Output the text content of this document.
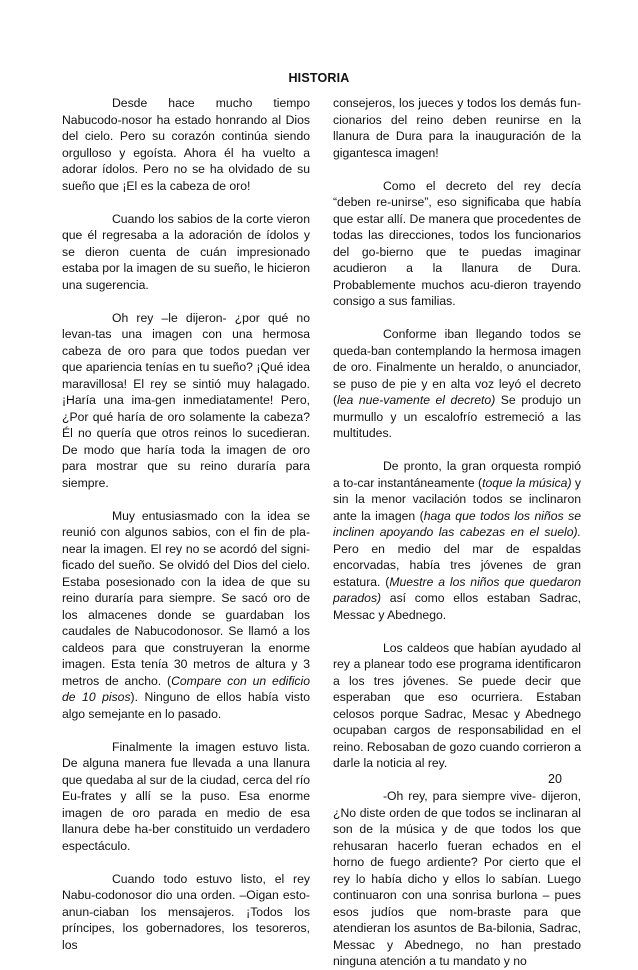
HISTORIA

Desde hace mucho tiempo Nabucodo-nosor ha estado honrando al Dios del cielo. Pero su corazón continúa siendo orgulloso y egoísta. Ahora él ha vuelto a adorar ídolos. Pero no se ha olvidado de su sueño que ¡El es la cabeza de oro!

Cuando los sabios de la corte vieron que él regresaba a la adoración de ídolos y se dieron cuenta de cuán impresionado estaba por la imagen de su sueño, le hicieron una sugerencia.

Oh rey –le dijeron- ¿por qué no levan-tas una imagen con una hermosa cabeza de oro para que todos puedan ver que apariencia tenías en tu sueño? ¡Qué idea maravillosa! El rey se sintió muy halagado. ¡Haría una ima-gen inmediatamente! Pero, ¿Por qué haría de oro solamente la cabeza? Él no quería que otros reinos lo sucedieran. De modo que haría toda la imagen de oro para mostrar que su reino duraría para siempre.

Muy entusiasmado con la idea se reunió con algunos sabios, con el fin de pla-near la imagen. El rey no se acordó del signi-ficado del sueño. Se olvidó del Dios del cielo. Estaba posesionado con la idea de que su reino duraría para siempre. Se sacó oro de los almacenes donde se guardaban los caudales de Nabucodonosor. Se llamó a los caldeos para que construyeran la enorme imagen. Esta tenía 30 metros de altura y 3 metros de ancho. (Compare con un edificio de 10 pisos). Ninguno de ellos había visto algo semejante en lo pasado.

Finalmente la imagen estuvo lista. De alguna manera fue llevada a una llanura que quedaba al sur de la ciudad, cerca del río Eu-frates y allí se la puso. Esa enorme imagen de oro parada en medio de esa llanura debe ha-ber constituido un verdadero espectáculo.

Cuando todo estuvo listo, el rey Nabu-codonosor dio una orden. –Oigan esto- anun-ciaban los mensajeros. ¡Todos los príncipes, los gobernadores, los tesoreros, los

consejeros, los jueces y todos los demás fun-cionarios del reino deben reunirse en la llanura de Dura para la inauguración de la gigantesca imagen!

Como el decreto del rey decía “deben re-unirse”, eso significaba que había que estar allí. De manera que procedentes de todas las direcciones, todos los funcionarios del go-bierno que te puedas imaginar acudieron a la llanura de Dura. Probablemente muchos acu-dieron trayendo consigo a sus familias.

Conforme iban llegando todos se queda-ban contemplando la hermosa imagen de oro. Finalmente un heraldo, o anunciador, se puso de pie y en alta voz leyó el decreto (lea nue-vamente el decreto) Se produjo un murmullo y un escalofrío estremeció a las multitudes.

De pronto, la gran orquesta rompió a to-car instantáneamente (toque la música) y sin la menor vacilación todos se inclinaron ante la imagen (haga que todos los niños se inclinen apoyando las cabezas en el suelo). Pero en medio del mar de espaldas encorvadas, había tres jóvenes de gran estatura. (Muestre a los niños que quedaron parados) así como ellos estaban Sadrac, Messac y Abednego.

Los caldeos que habían ayudado al rey a planear todo ese programa identificaron a los tres jóvenes. Se puede decir que esperaban que eso ocurriera. Estaban celosos porque Sadrac, Mesac y Abednego ocupaban cargos de responsabilidad en el reino. Rebosaban de gozo cuando corrieron a darle la noticia al rey.

-Oh rey, para siempre vive- dijeron, ¿No diste orden de que todos se inclinaran al son de la música y de que todos los que rehusaran hacerlo fueran echados en el horno de fuego ardiente? Por cierto que el rey lo había dicho y ellos lo sabían. Luego continuaron con una sonrisa burlona – pues esos judíos que nom-braste para que atendieran los asuntos de Ba-bilonia, Sadrac, Messac y Abednego, no han prestado ninguna atención a tu mandato y no

20
